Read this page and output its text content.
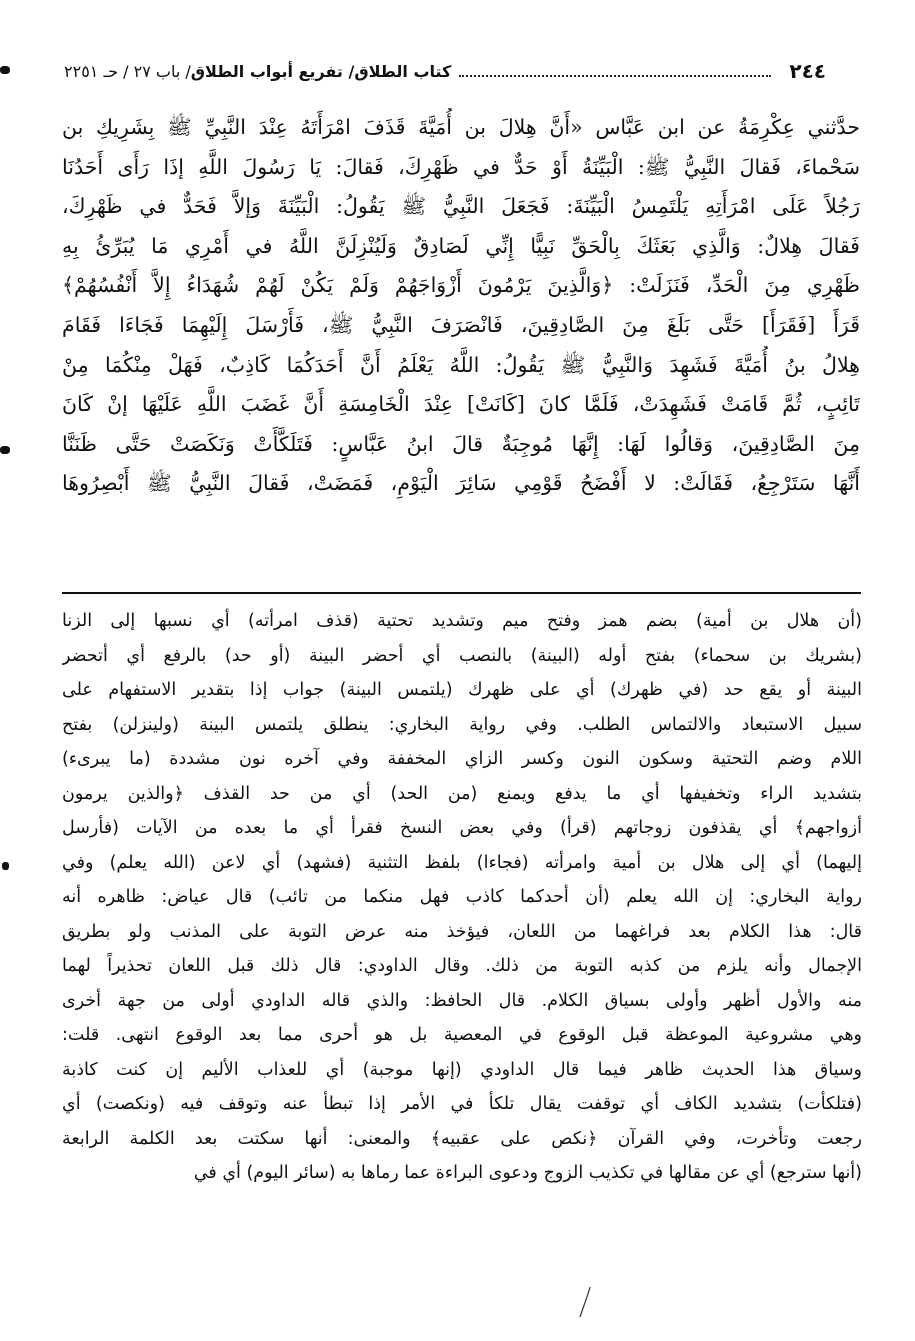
٢٤٤
كتاب الطلاق/ تفريع أبواب الطلاق
/ باب ٢٧ / حـ ٢٢٥١
حدَّثني عِكْرِمَةُ عن ابن عَبَّاس «أَنَّ هِلالَ بن أُمَيَّةَ قَذَفَ امْرَأَتَهُ عِنْدَ النَّبِيِّ ﷺ بِشَرِيكِ بن
سَحْماءَ، فَقالَ النَّبِيُّ ﷺ: الْبَيِّنَةُ أَوْ حَدٌّ في ظَهْرِكَ، فَقالَ: يَا رَسُولَ اللَّهِ إذَا رَأَى أَحَدُنَا
رَجُلاً عَلَى امْرَأَتِهِ يَلْتَمِسُ الْبَيِّنَةَ: فَجَعَلَ النَّبِيُّ ﷺ يَقُولُ: الْبَيِّنَةَ وَإلاَّ فَحَدٌّ في ظَهْرِكَ،
فَقالَ هِلالٌ: وَالَّذِي بَعَثَكَ بِالْحَقِّ نَبِيًّا إِنِّي لَصَادِقٌ وَلَيُنْزِلَنَّ اللَّهُ في أَمْرِي مَا يُبَرِّئُ بِهِ
ظَهْرِي مِنَ الْحَدِّ، فَنَزَلَتْ: ﴿وَالَّذِينَ يَرْمُونَ أَزْوَاجَهُمْ وَلَمْ يَكُنْ لَهُمْ شُهَدَاءُ إِلاَّ أَنْفُسُهُمْ﴾
قَرَأَ [فَقَرَأَ] حَتَّى بَلَغَ مِنَ الصَّادِقِينَ، فَانْصَرَفَ النَّبِيُّ ﷺ، فَأَرْسَلَ إِلَيْهِمَا فَجَاءَا فَقَامَ
هِلالُ بنُ أُمَيَّةَ فَشَهِدَ وَالنَّبِيُّ ﷺ يَقُولُ: اللَّهُ يَعْلَمُ أَنَّ أَحَدَكُمَا كَاذِبٌ، فَهَلْ مِنْكُمَا مِنْ
تَائِبٍ، ثُمَّ قَامَتْ فَشَهِدَتْ، فَلَمَّا كانَ [كَانَتْ] عِنْدَ الْخَامِسَةِ أَنَّ غَضَبَ اللَّهِ عَلَيْهَا إنْ كَانَ
مِنَ الصَّادِقِينَ، وَقالُوا لَهَا: إِنَّهَا مُوجِبَةٌ قالَ ابنُ عَبَّاسٍ: فَتَلَكَّأَتْ وَنَكَصَتْ حَتَّى ظَنَنَّا
أَنَّهَا سَتَرْجِعُ، فَقَالَتْ: لا أَفْضَحُ قَوْمِي سَائِرَ الْيَوْمِ، فَمَضَتْ، فَقالَ النَّبِيُّ ﷺ أَبْصِرُوهَا
(أن هلال بن أمية) بضم همز وفتح ميم وتشديد تحتية (قذف امرأته) أي نسبها إلى الزنا
(بشريك بن سحماء) بفتح أوله (البينة) بالنصب أي أحضر البينة (أو حد) بالرفع أي أتحضر
البينة أو يقع حد (في ظهرك) أي على ظهرك (يلتمس البينة) جواب إذا بتقدير الاستفهام على
سبيل الاستبعاد والالتماس الطلب. وفي رواية البخاري: ينطلق يلتمس البينة (ولينزلن) بفتح
اللام وضم التحتية وسكون النون وكسر الزاي المخففة وفي آخره نون مشددة (ما يبرىء)
بتشديد الراء وتخفيفها أي ما يدفع ويمنع (من الحد) أي من حد القذف ﴿والذين يرمون
أزواجهم﴾ أي يقذفون زوجاتهم (قرأ) وفي بعض النسخ فقرأ أي ما بعده من الآيات (فأرسل
إليهما) أي إلى هلال بن أمية وامرأته (فجاءا) بلفظ التثنية (فشهد) أي لاعن (الله يعلم) وفي
رواية البخاري: إن الله يعلم (أن أحدكما كاذب فهل منكما من تائب) قال عياض: ظاهره أنه
قال: هذا الكلام بعد فراغهما من اللعان، فيؤخذ منه عرض التوبة على المذنب ولو بطريق
الإجمال وأنه يلزم من كذبه التوبة من ذلك. وقال الداودي: قال ذلك قبل اللعان تحذيراً لهما
منه والأول أظهر وأولى بسياق الكلام. قال الحافظ: والذي قاله الداودي أولى من جهة أخرى
وهي مشروعية الموعظة قبل الوقوع في المعصية بل هو أحرى مما بعد الوقوع انتهى. قلت:
وسياق هذا الحديث ظاهر فيما قال الداودي (إنها موجبة) أي للعذاب الأليم إن كنت كاذبة
(فتلكأت) بتشديد الكاف أي توقفت يقال تلكأ في الأمر إذا تبطأ عنه وتوقف فيه (ونكصت) أي
رجعت وتأخرت، وفي القرآن ﴿نكص على عقبيه﴾ والمعنى: أنها سكتت بعد الكلمة الرابعة
(أنها سترجع) أي عن مقالها في تكذيب الزوج ودعوى البراءة عما رماها به (سائر اليوم) أي في
